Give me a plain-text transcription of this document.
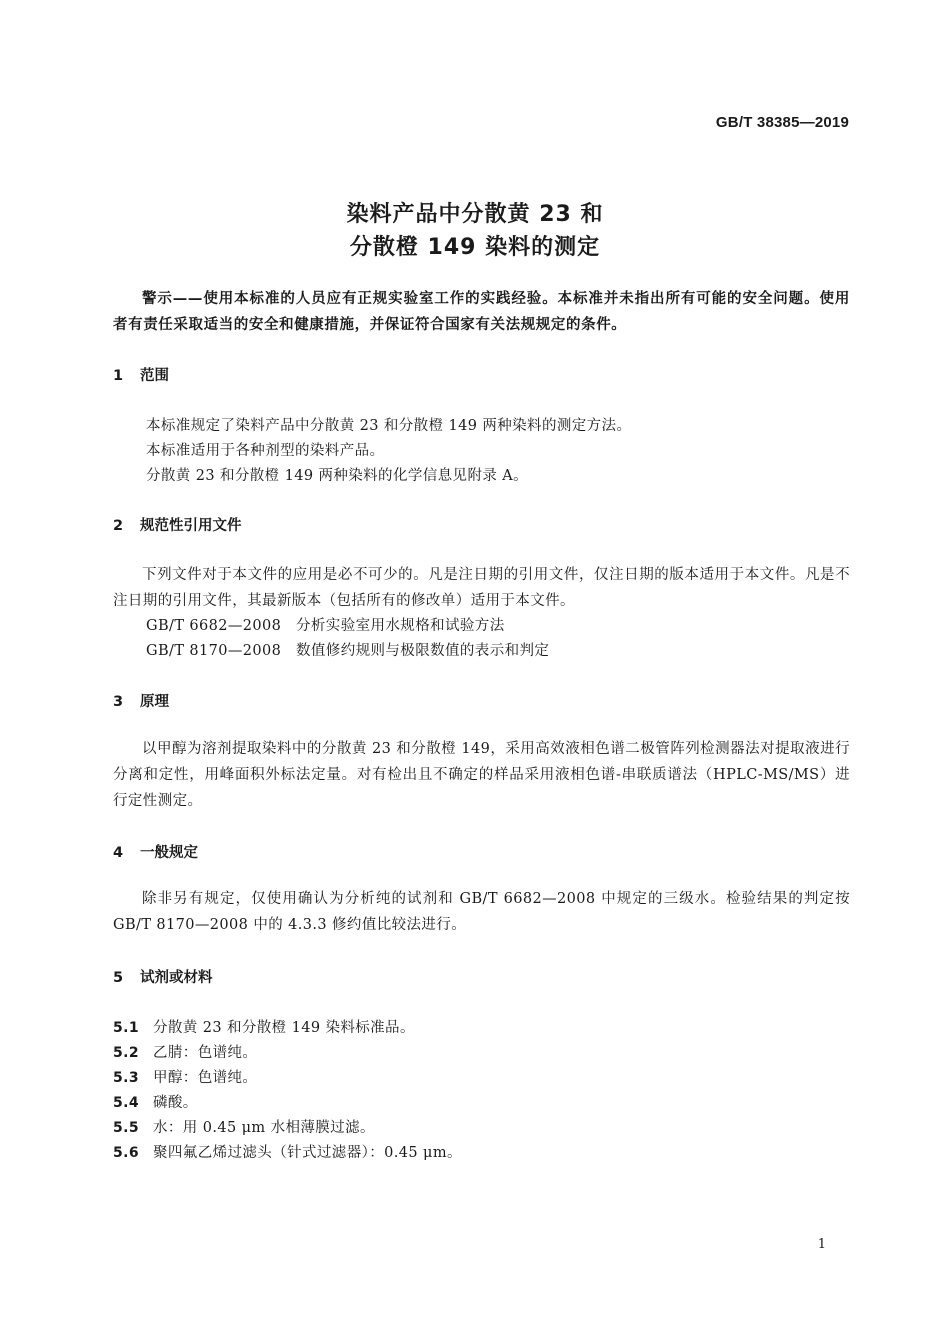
GB/T 38385—2019
染料产品中分散黄 23 和
分散橙 149 染料的测定
警示——使用本标准的人员应有正规实验室工作的实践经验。本标准并未指出所有可能的安全问题。使用者有责任采取适当的安全和健康措施，并保证符合国家有关法规规定的条件。
1 范围
本标准规定了染料产品中分散黄 23 和分散橙 149 两种染料的测定方法。
本标准适用于各种剂型的染料产品。
分散黄 23 和分散橙 149 两种染料的化学信息见附录 A。
2 规范性引用文件
下列文件对于本文件的应用是必不可少的。凡是注日期的引用文件，仅注日期的版本适用于本文件。凡是不注日期的引用文件，其最新版本（包括所有的修改单）适用于本文件。
GB/T 6682—2008 分析实验室用水规格和试验方法
GB/T 8170—2008 数值修约规则与极限数值的表示和判定
3 原理
以甲醇为溶剂提取染料中的分散黄 23 和分散橙 149，采用高效液相色谱二极管阵列检测器法对提取液进行分离和定性，用峰面积外标法定量。对有检出且不确定的样品采用液相色谱-串联质谱法（HPLC-MS/MS）进行定性测定。
4 一般规定
除非另有规定，仅使用确认为分析纯的试剂和 GB/T 6682—2008 中规定的三级水。检验结果的判定按 GB/T 8170—2008 中的 4.3.3 修约值比较法进行。
5 试剂或材料
5.1 分散黄 23 和分散橙 149 染料标准品。
5.2 乙腈：色谱纯。
5.3 甲醇：色谱纯。
5.4 磷酸。
5.5 水：用 0.45 μm 水相薄膜过滤。
5.6 聚四氟乙烯过滤头（针式过滤器）：0.45 μm。
1
